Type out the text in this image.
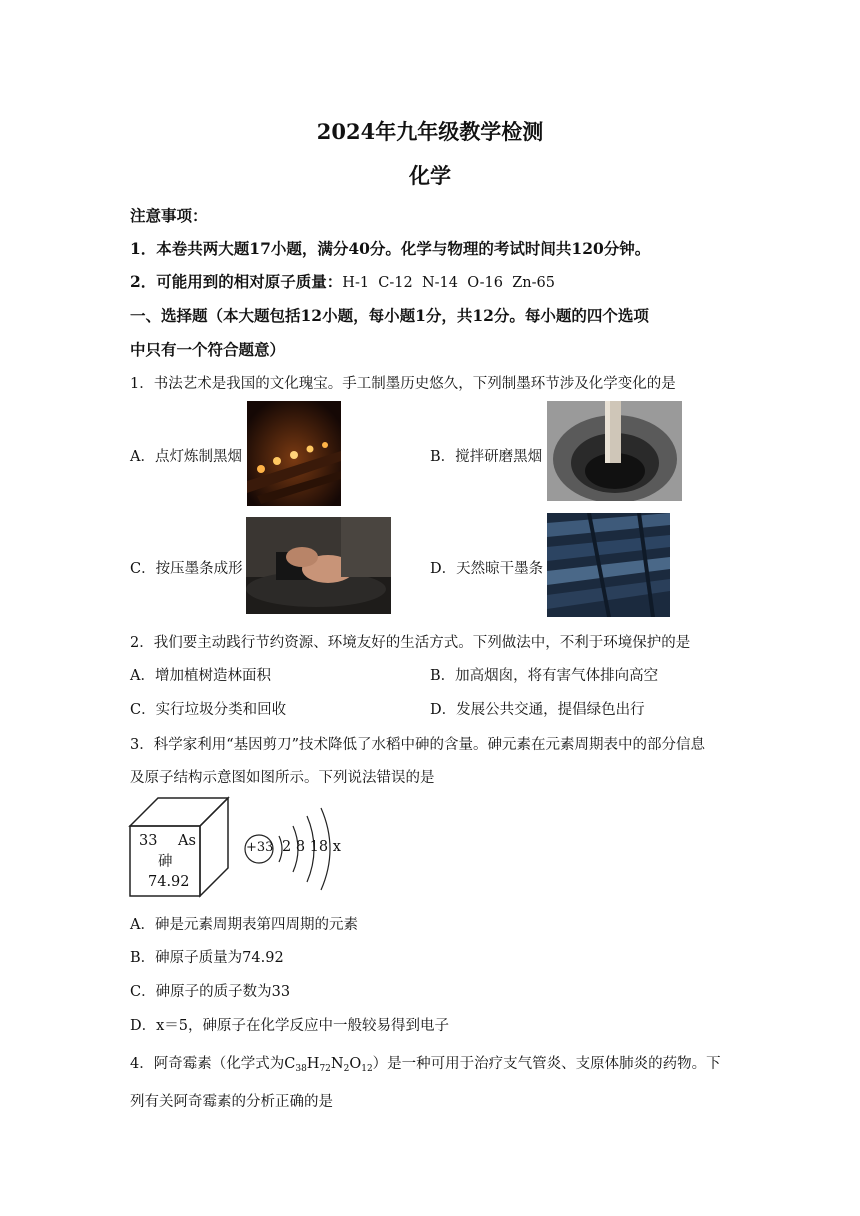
2024年九年级教学检测
化学
注意事项：
1．本卷共两大题17小题，满分40分。化学与物理的考试时间共120分钟。
2．可能用到的相对原子质量：H-1  C-12  N-14  O-16  Zn-65
一、选择题（本大题包括12小题，每小题1分，共12分。每小题的四个选项
中只有一个符合题意）
1．书法艺术是我国的文化瑰宝。手工制墨历史悠久，下列制墨环节涉及化学变化的是
A．点灯炼制黑烟	B．搅拌研磨黑烟
C．按压墨条成形	D．天然晾干墨条
2．我们要主动践行节约资源、环境友好的生活方式。下列做法中，不利于环境保护的是
A．增加植树造林面积	B．加高烟囱，将有害气体排向高空
C．实行垃圾分类和回收	D．发展公共交通，提倡绿色出行
3．科学家利用“基因剪刀”技术降低了水稻中砷的含量。砷元素在元素周期表中的部分信息
及原子结构示意图如图所示。下列说法错误的是
33 As
砷
74.92
+33 2 8 18 x
A．砷是元素周期表第四周期的元素
B．砷原子质量为74.92
C．砷原子的质子数为33
D．x＝5，砷原子在化学反应中一般较易得到电子
4．阿奇霉素（化学式为$C_{38}H_{72}N_2O_{12}$）是一种可用于治疗支气管炎、支原体肺炎的药物。下
列有关阿奇霉素的分析正确的是
